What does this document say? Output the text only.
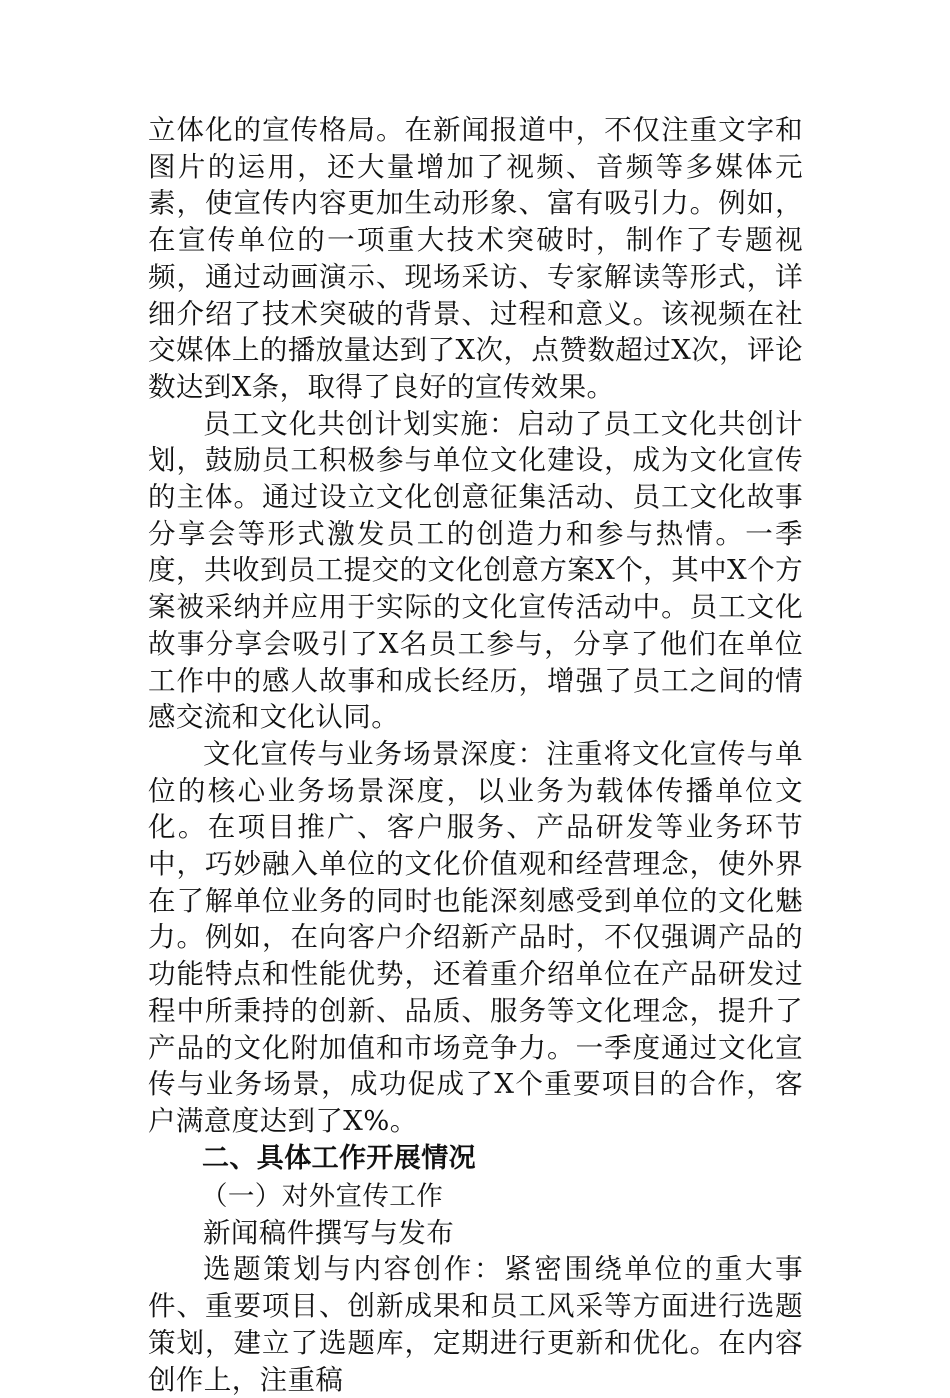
立体化的宣传格局。在新闻报道中，不仅注重文字和图片的运用，还大量增加了视频、音频等多媒体元素，使宣传内容更加生动形象、富有吸引力。例如，在宣传单位的一项重大技术突破时，制作了专题视频，通过动画演示、现场采访、专家解读等形式，详细介绍了技术突破的背景、过程和意义。该视频在社交媒体上的播放量达到了X次，点赞数超过X次，评论数达到X条，取得了良好的宣传效果。

员工文化共创计划实施：启动了员工文化共创计划，鼓励员工积极参与单位文化建设，成为文化宣传的主体。通过设立文化创意征集活动、员工文化故事分享会等形式激发员工的创造力和参与热情。一季度，共收到员工提交的文化创意方案X个，其中X个方案被采纳并应用于实际的文化宣传活动中。员工文化故事分享会吸引了X名员工参与，分享了他们在单位工作中的感人故事和成长经历，增强了员工之间的情感交流和文化认同。

文化宣传与业务场景深度：注重将文化宣传与单位的核心业务场景深度，以业务为载体传播单位文化。在项目推广、客户服务、产品研发等业务环节中，巧妙融入单位的文化价值观和经营理念，使外界在了解单位业务的同时也能深刻感受到单位的文化魅力。例如，在向客户介绍新产品时，不仅强调产品的功能特点和性能优势，还着重介绍单位在产品研发过程中所秉持的创新、品质、服务等文化理念，提升了产品的文化附加值和市场竞争力。一季度通过文化宣传与业务场景，成功促成了X个重要项目的合作，客户满意度达到了X%。

二、具体工作开展情况

（一）对外宣传工作

新闻稿件撰写与发布

选题策划与内容创作：紧密围绕单位的重大事件、重要项目、创新成果和员工风采等方面进行选题策划，建立了选题库，定期进行更新和优化。在内容创作上，注重稿
